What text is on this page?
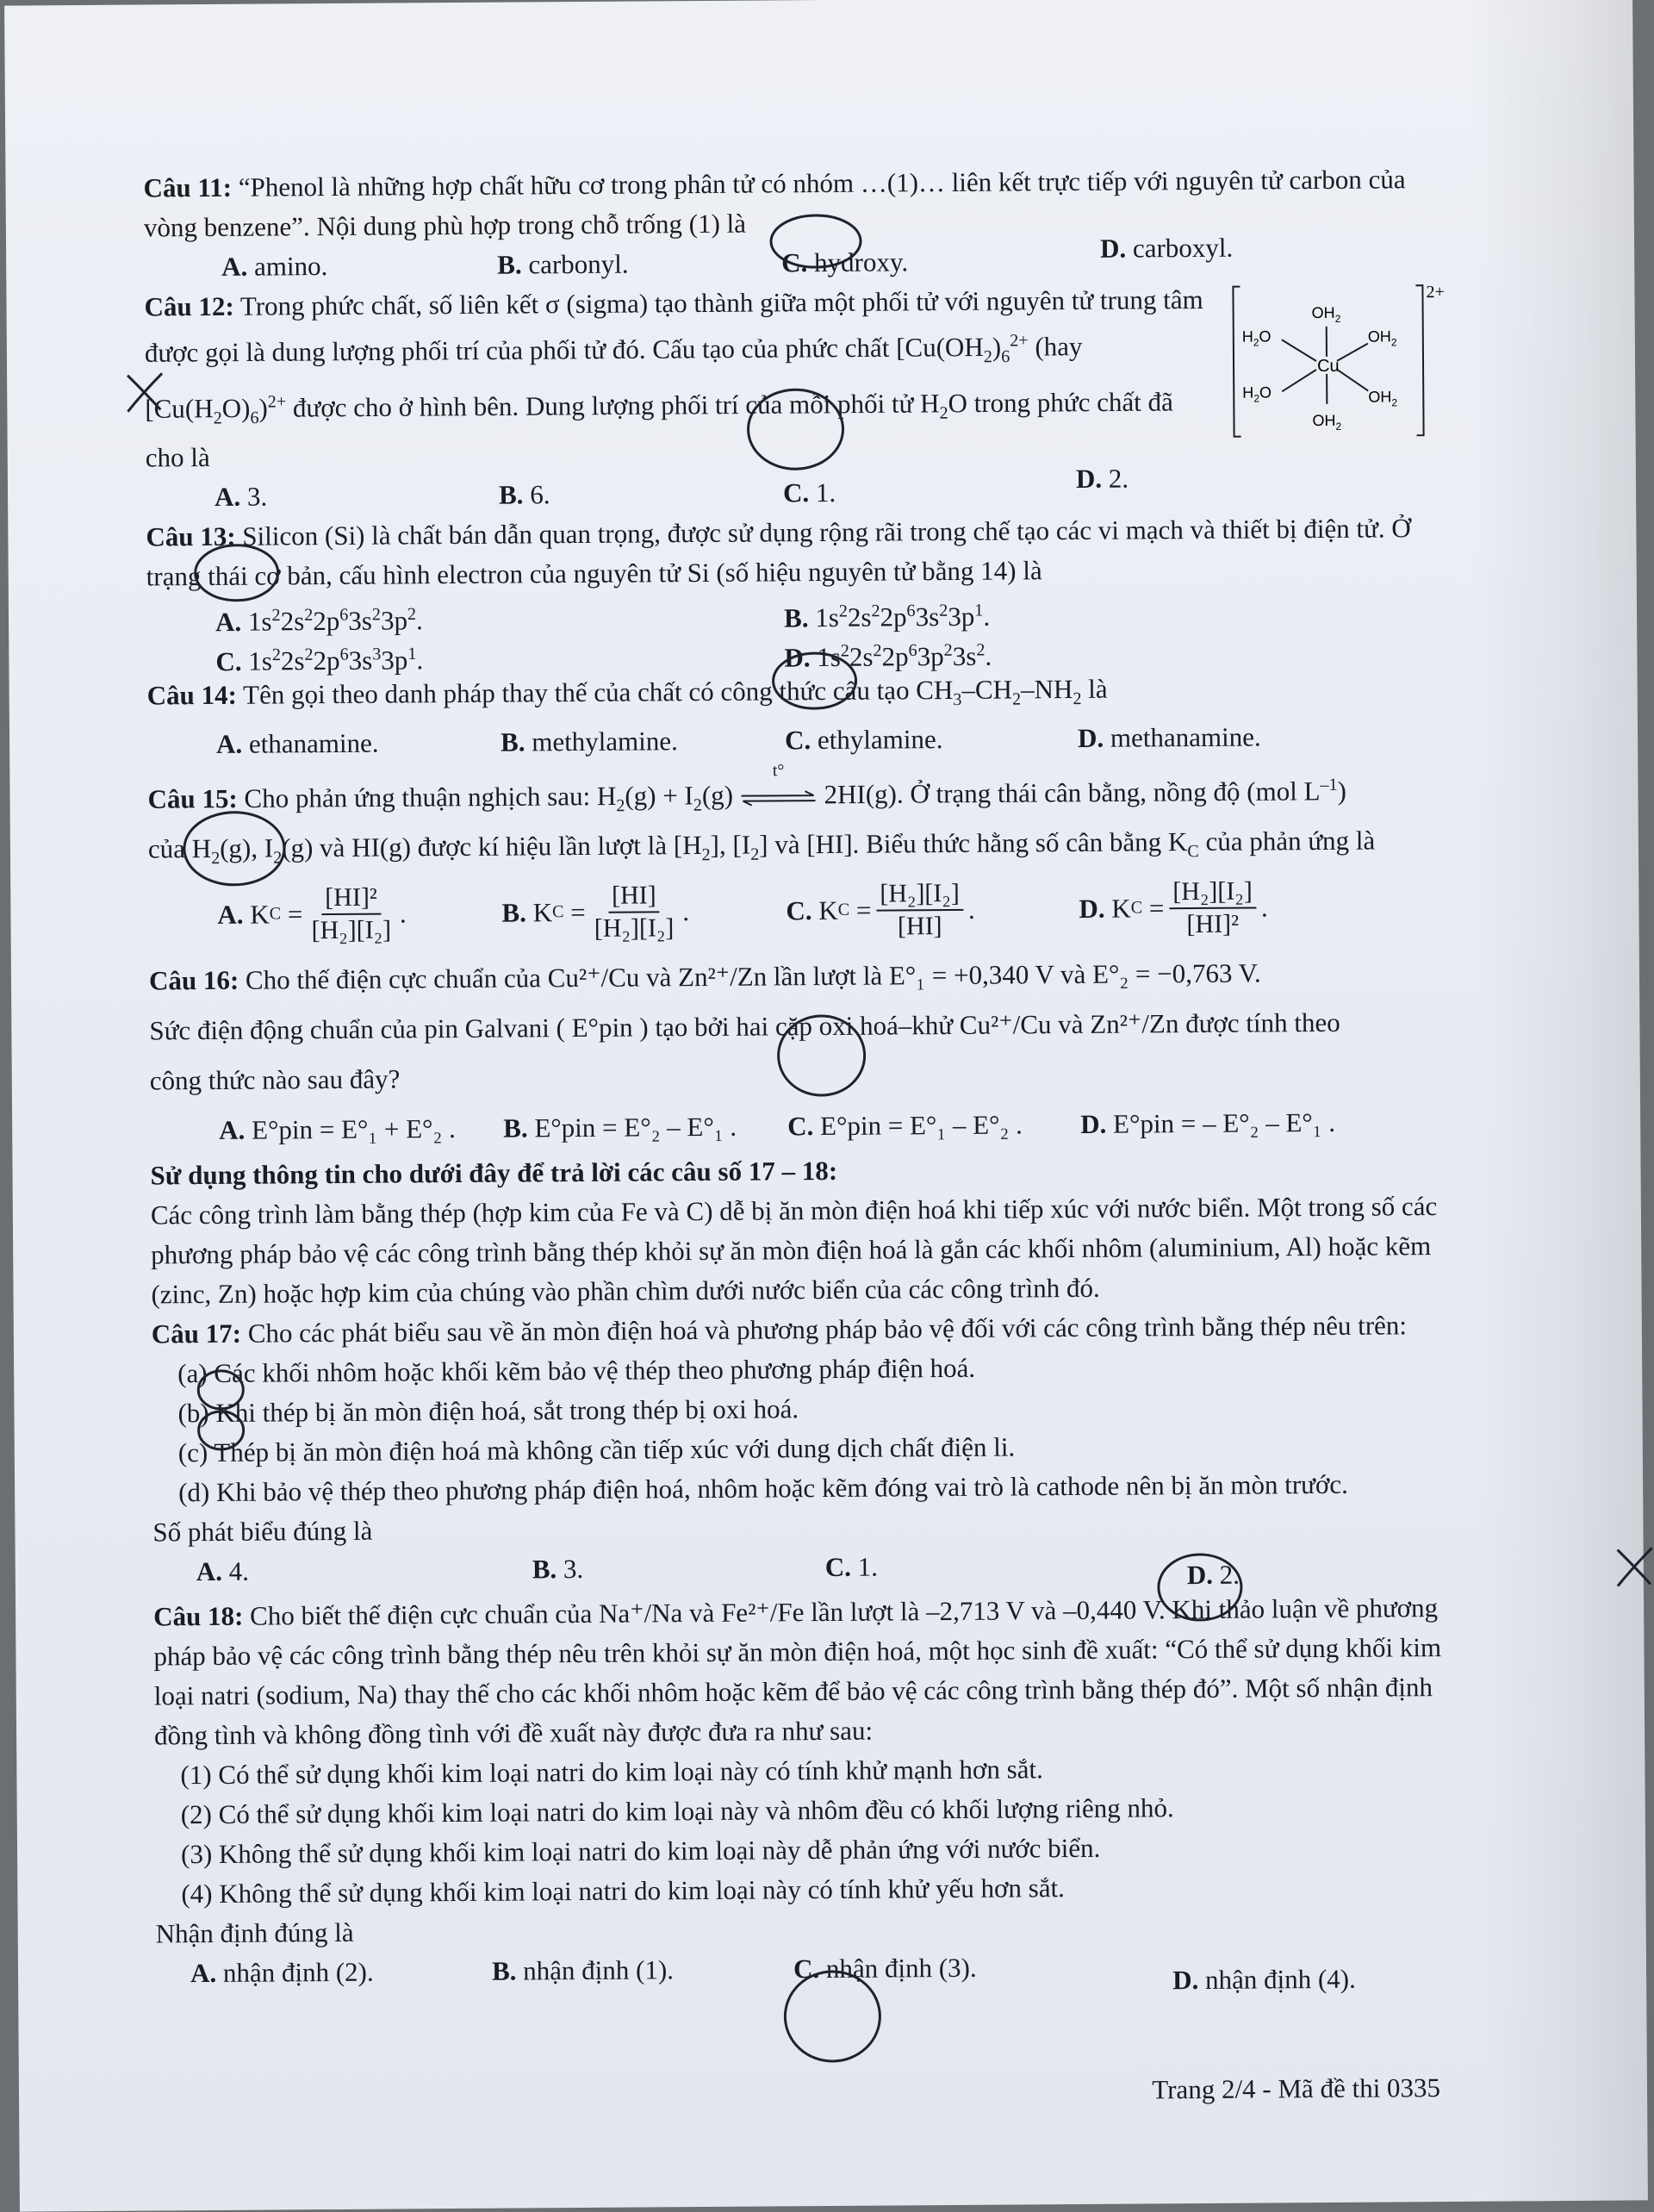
Câu 11: “Phenol là những hợp chất hữu cơ trong phân tử có nhóm …(1)… liên kết trực tiếp với nguyên tử carbon của vòng benzene”. Nội dung phù hợp trong chỗ trống (1) là

A. amino.	B. carbonyl.	C. hydroxy.	D. carboxyl.

Câu 12: Trong phức chất, số liên kết σ (sigma) tạo thành giữa một phối tử với nguyên tử trung tâm được gọi là dung lượng phối trí của phối tử đó. Cấu tạo của phức chất [$Cu(OH_2)_6^{2+}$ (hay $[Cu(H_2O)_6)^{2+}$ được cho ở hình bên. Dung lượng phối trí của mỗi phối tử $H_2O$ trong phức chất đã cho là

A. 3.	B. 6.	C. 1.	D. 2.
2+
Cu
$OH_2$
$OH_2$
$OH_2$
$OH_2$
$H_2O$
$H_2O$

Câu 13: Silicon (Si) là chất bán dẫn quan trọng, được sử dụng rộng rãi trong chế tạo các vi mạch và thiết bị điện tử. Ở trạng thái cơ bản, cấu hình electron của nguyên tử Si (số hiệu nguyên tử bằng 14) là

A. $1s^22s^22p^63s^23p^2$.	B. $1s^22s^22p^63s^23p^1$.
C. $1s^22s^22p^63s^33p^1$.	D. $1s^22s^22p^63p^23s^2$.

Câu 14: Tên gọi theo danh pháp thay thế của chất có công thức cấu tạo $CH_3-CH_2-NH_2$ là

A. ethanamine.	B. methylamine.	C. ethylamine.	D. methanamine.

Câu 15: Cho phản ứng thuận nghịch sau: $H_2(g) + I_2(g)$
t°
2HI(g). Ở trạng thái cân bằng, nồng độ (mol $L^{-1}$)
của $H_2(g)$, $I_2(g)$ và HI(g) được kí hiệu lần lượt là $[H_2]$, $[I_2]$ và [HI]. Biểu thức hằng số cân bằng $K_C$ của phản ứng là

A.
K $C = \frac{\text{[HI]²}}{\text{[H₂][I₂]}}$ .	B.
K $C = \frac{[HI]}{\text{[H₂][I₂]}}$ .	C.
K $C = \frac{\text{[H₂][I₂]}}{[HI]}$ .	D.
K $C = \frac{\text{[H₂][I₂]}}{\text{[HI]²}}$ .

Câu 16: Cho thế điện cực chuẩn của Cu²⁺/Cu và Zn²⁺/Zn lần lượt là E°₁ = +0,340 V và E°₂ = −0,763 V.
Sức điện động chuẩn của pin Galvani ( E°pin ) tạo bởi hai cặp oxi hoá–khử Cu²⁺/Cu và Zn²⁺/Zn được tính theo
công thức nào sau đây?

A. E°pin = E°₁ + E°₂ . B. E°pin = E°₂ – E°₁ . C. E°pin = E°₁ – E°₂ . D. E°pin = – E°₂ – E°₁ .

Sử dụng thông tin cho dưới đây để trả lời các câu số 17 – 18:
Các công trình làm bằng thép (hợp kim của Fe và C) dễ bị ăn mòn điện hoá khi tiếp xúc với nước biển. Một trong số các phương pháp bảo vệ các công trình bằng thép khỏi sự ăn mòn điện hoá là gắn các khối nhôm (aluminium, Al) hoặc kẽm (zinc, Zn) hoặc hợp kim của chúng vào phần chìm dưới nước biển của các công trình đó.

Câu 17: Cho các phát biểu sau về ăn mòn điện hoá và phương pháp bảo vệ đối với các công trình bằng thép nêu trên:

(a) Các khối nhôm hoặc khối kẽm bảo vệ thép theo phương pháp điện hoá.
(b) Khi thép bị ăn mòn điện hoá, sắt trong thép bị oxi hoá.
(c) Thép bị ăn mòn điện hoá mà không cần tiếp xúc với dung dịch chất điện li.
(d) Khi bảo vệ thép theo phương pháp điện hoá, nhôm hoặc kẽm đóng vai trò là cathode nên bị ăn mòn trước.

Số phát biểu đúng là

A. 4.	B. 3.	C. 1.	D. 2.

Câu 18: Cho biết thế điện cực chuẩn của Na⁺/Na và Fe²⁺/Fe lần lượt là –2,713 V và –0,440 V. Khi thảo luận về phương pháp bảo vệ các công trình bằng thép nêu trên khỏi sự ăn mòn điện hoá, một học sinh đề xuất: “Có thể sử dụng khối kim loại natri (sodium, Na) thay thế cho các khối nhôm hoặc kẽm để bảo vệ các công trình bằng thép đó”. Một số nhận định đồng tình và không đồng tình với đề xuất này được đưa ra như sau:

(1) Có thể sử dụng khối kim loại natri do kim loại này có tính khử mạnh hơn sắt.
(2) Có thể sử dụng khối kim loại natri do kim loại này và nhôm đều có khối lượng riêng nhỏ.
(3) Không thể sử dụng khối kim loại natri do kim loại này dễ phản ứng với nước biển.
(4) Không thể sử dụng khối kim loại natri do kim loại này có tính khử yếu hơn sắt.

Nhận định đúng là

A. nhận định (2).	B. nhận định (1).	C. nhận định (3).	D. nhận định (4).
Trang 2/4 - Mã đề thi 0335
